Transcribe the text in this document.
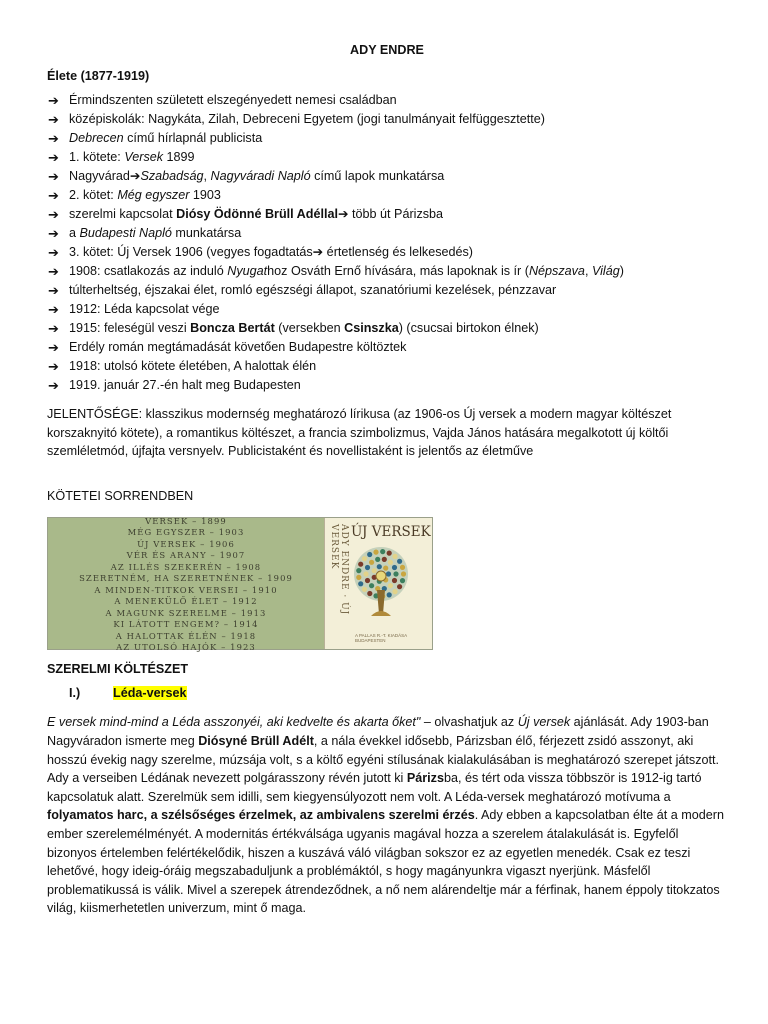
ADY ENDRE
Élete (1877-1919)
➔ Érmindszenten született elszegényedett nemesi családban
➔ középiskolák: Nagykáta, Zilah, Debreceni Egyetem (jogi tanulmányait felfüggesztette)
➔ Debrecen című hírlapnál publicista
➔ 1. kötete: Versek 1899
➔ Nagyvárad➔Szabadság, Nagyváradi Napló című lapok munkatársa
➔ 2. kötet: Még egyszer 1903
➔ szerelmi kapcsolat Diósy Ödönné Brüll Adéllal➔ több út Párizsba
➔ a Budapesti Napló munkatársa
➔ 3. kötet: Új Versek 1906 (vegyes fogadtatás➔ értetlenség és lelkesedés)
➔ 1908: csatlakozás az induló Nyugathoz Osváth Ernő hívására, más lapoknak is ír (Népszava, Világ)
➔ túlterheltség, éjszakai élet, romló egészségi állapot, szanatóriumi kezelések, pénzzavar
➔ 1912: Léda kapcsolat vége
➔ 1915: feleségül veszi Boncza Bertát (versekben Csinszka) (csucsai birtokon élnek)
➔ Erdély román megtámadását követően Budapestre költöztek
➔ 1918: utolsó kötete életében, A halottak élén
➔ 1919. január 27.-én halt meg Budapesten

JELENTŐSÉGE: klasszikus modernség meghatározó lírikusa (az 1906-os Új versek a modern magyar költészet korszaknyitó kötete), a romantikus költészet, a francia szimbolizmus, Vajda János hatására megalkotott új költői szemléletmód, újfajta versnyelv. Publicistaként és novellistaként is jelentős az életműve

KÖTETEI SORRENDBEN

VERSEK – 1899
MÉG EGYSZER – 1903
ÚJ VERSEK – 1906
VÉR ÉS ARANY – 1907
AZ ILLÉS SZEKERÉN – 1908
SZERETNÉM, HA SZERETNÉNEK – 1909
A MINDEN-TITKOK VERSEI – 1910
A MENEKÜLŐ ÉLET – 1912
A MAGUNK SZERELME – 1913
KI LÁTOTT ENGEM? – 1914
A HALOTTAK ÉLÉN – 1918
AZ UTOLSÓ HAJÓK – 1923
ADY ENDRE · ÚJ VERSEK ÚJ VERSEK
A PALLAS R.-T. KIADÁSA BUDAPESTEN
SZERELMI KÖLTÉSZET
I.)	Léda-versek

E versek mind-mind a Léda asszonyéi, aki kedvelte és akarta őket" – olvashatjuk az Új versek ajánlását. Ady 1903-ban Nagyváradon ismerte meg Diósyné Brüll Adélt, a nála évekkel idősebb, Párizsban élő, férjezett zsidó asszonyt, aki hosszú évekig nagy szerelme, múzsája volt, s a költő egyéni stílusának kialakulásában is meghatározó szerepet játszott.

Ady a verseiben Lédának nevezett polgárasszony révén jutott ki Párizsba, és tért oda vissza többször is 1912-ig tartó kapcsolatuk alatt. Szerelmük sem idilli, sem kiegyensúlyozott nem volt. A Léda-versek meghatározó motívuma a folyamatos harc, a szélsőséges érzelmek, az ambivalens szerelmi érzés. Ady ebben a kapcsolatban élte át a modern ember szerelemélményét. A modernitás értékválsága ugyanis magával hozza a szerelem átalakulását is. Egyfelől bizonyos értelemben felértékelődik, hiszen a kuszává váló világban sokszor ez az egyetlen menedék. Csak ez teszi lehetővé, hogy ideig-óráig megszabaduljunk a problémáktól, s hogy magányunkra vigaszt nyerjünk. Másfelől problematikussá is válik. Mivel a szerepek átrendeződnek, a nő nem alárendeltje már a férfinak, hanem éppoly titokzatos világ, kiismerhetetlen univerzum, mint ő maga.
